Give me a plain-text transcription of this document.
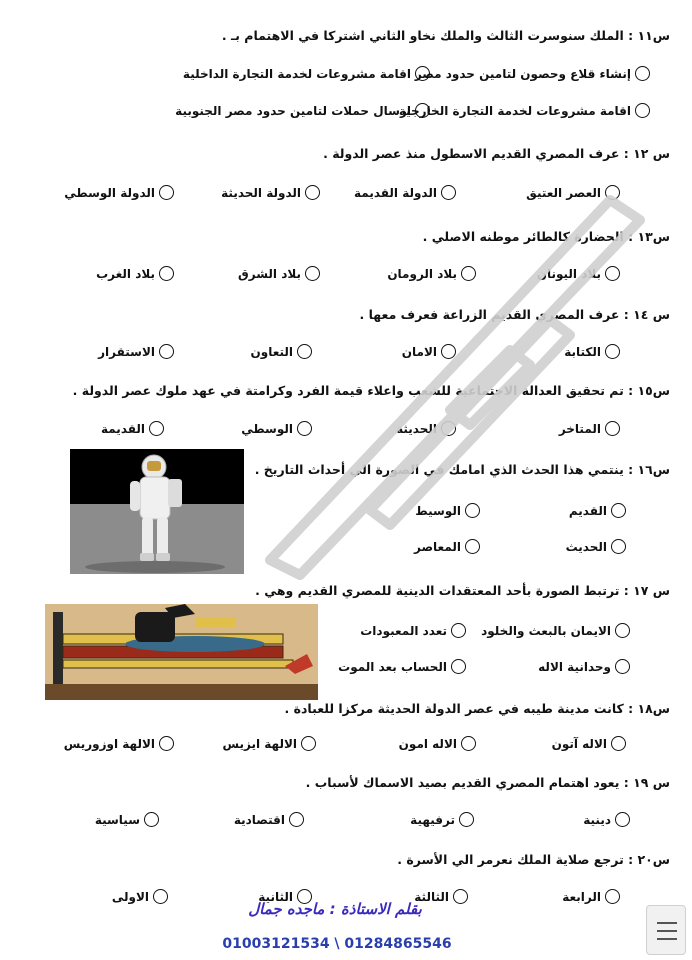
س١١ : الملك سنوسرت الثالث والملك نخاو الثاني اشتركا في الاهتمام بـ .
إنشاء قلاع وحصون لتامين حدود مصر
اقامة مشروعات لخدمة التجارة الداخلية
اقامة مشروعات لخدمة التجارة الخارجية
ارسال حملات لتامين حدود مصر الجنوبية
س ١٢ : عرف المصري القديم الاسطول منذ عصر الدولة .
العصر العتيق
الدولة القديمة
الدولة الحديثة
الدولة الوسطي
س١٣ : الحضارة كالطائر موطنه الاصلي .
بلاد اليونان
بلاد الرومان
بلاد الشرق
بلاد الغرب
س ١٤ : عرف المصري القديم الزراعة فعرف معها .
الكتابة
الامان
التعاون
الاستقرار
س١٥ : تم تحقيق العدالة الاجتماعية للشعب واعلاء قيمة الفرد وكرامتة في عهد ملوك عصر الدولة .
المتاخر
الحديثة
الوسطي
القديمة
س١٦ : ينتمي هذا الحدث الذي امامك في الصورة الي أحداث التاريخ .
القديم
الوسيط
الحديث
المعاصر
س ١٧ : ترتبط الصورة بأحد المعتقدات الدينية للمصري القديم وهي .
الايمان بالبعث والخلود
تعدد المعبودات
وحدانية الاله
الحساب بعد الموت
س١٨ : كانت مدينة طيبه في عصر الدولة الحديثة مركزا للعبادة .
الاله آتون
الاله امون
الالهة ايزيس
الالهة اوزوريس
س ١٩ : يعود اهتمام المصري القديم بصيد الاسماك لأسباب .
دينية
ترفيهية
اقتصادية
سياسية
س٢٠ : ترجع صلاية الملك نعرمر الي الأسرة .
الرابعة
الثالثة
الثانية
الاولى
بقلم الاستاذة : ماجده جمال
01003121534 \ 01284865546
